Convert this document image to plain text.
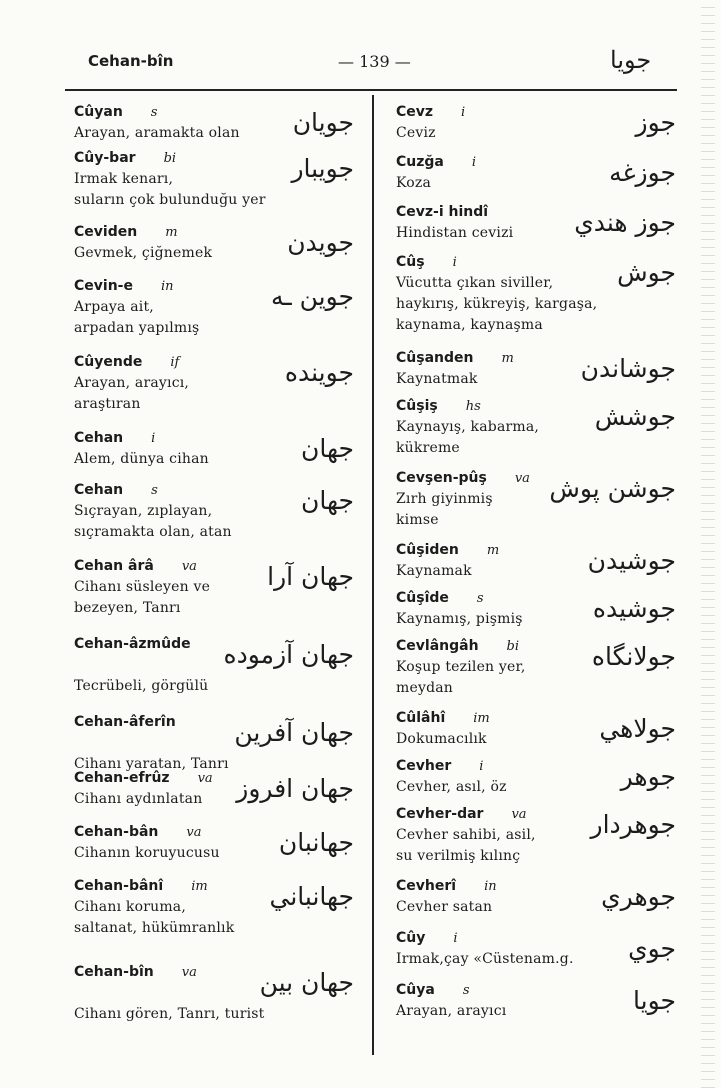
Cehan-bîn	— 139 —	جويا
Cûyan s
Arayan, aramakta olan	جويان
Cûy-bar bi
Irmak kenarı,
suların çok bulunduğu yer
جويبار
Ceviden m
Gevmek, çiğnemek	جويدن
Cevin-e in
Arpaya ait,
arpadan yapılmış
جوين ـه
Cûyende if
Arayan, arayıcı,
araştıran
جوينده
Cehan i
Alem, dünya cihan	جهان
Cehan s
Sıçrayan, zıplayan,
sıçramakta olan, atan
جهان
Cehan ârâ va
Cihanı süsleyen ve
bezeyen, Tanrı
جهان آرا
Cehan-âzmûde
Tecrübeli, görgülü
جهان آزموده
Cehan-âferîn
Cihanı yaratan, Tanrı
جهان آفرين
Cehan-efrûz va
Cihanı aydınlatan	جهان افروز
Cehan-bân va
Cihanın koruyucusu	جهانبان
Cehan-bânî im
Cihanı koruma,
saltanat, hükümranlık
جهانباني
Cehan-bîn va
Cihanı gören, Tanrı, turist
جهان بين
Cevz i
Ceviz	جوز
Cuzğa i
Koza	جوزغه
Cevz-i hindî
Hindistan cevizi	جوز هندي
Cûş i
Vücutta çıkan siviller,
haykırış, kükreyiş, kargaşa,
kaynama, kaynaşma
جوش
Cûşanden m
Kaynatmak	جوشاندن
Cûşiş hs
Kaynayış, kabarma,
kükreme
جوشش
Cevşen-pûş va
Zırh giyinmiş
kimse
جوشن پوش
Cûşiden m
Kaynamak	جوشيدن
Cûşîde s
Kaynamış, pişmiş	جوشيده
Cevlângâh bi
Koşup tezilen yer,
meydan
جولانگاه
Cûlâhî im
Dokumacılık	جولاهي
Cevher i
Cevher, asıl, öz	جوهر
Cevher-dar va
Cevher sahibi, asil,
su verilmiş kılınç
جوهردار
Cevherî in
Cevher satan	جوهري
Cûy i
Irmak,çay «Cüstenam.g.	جوي
Cûya s
Arayan, arayıcı	جويا
